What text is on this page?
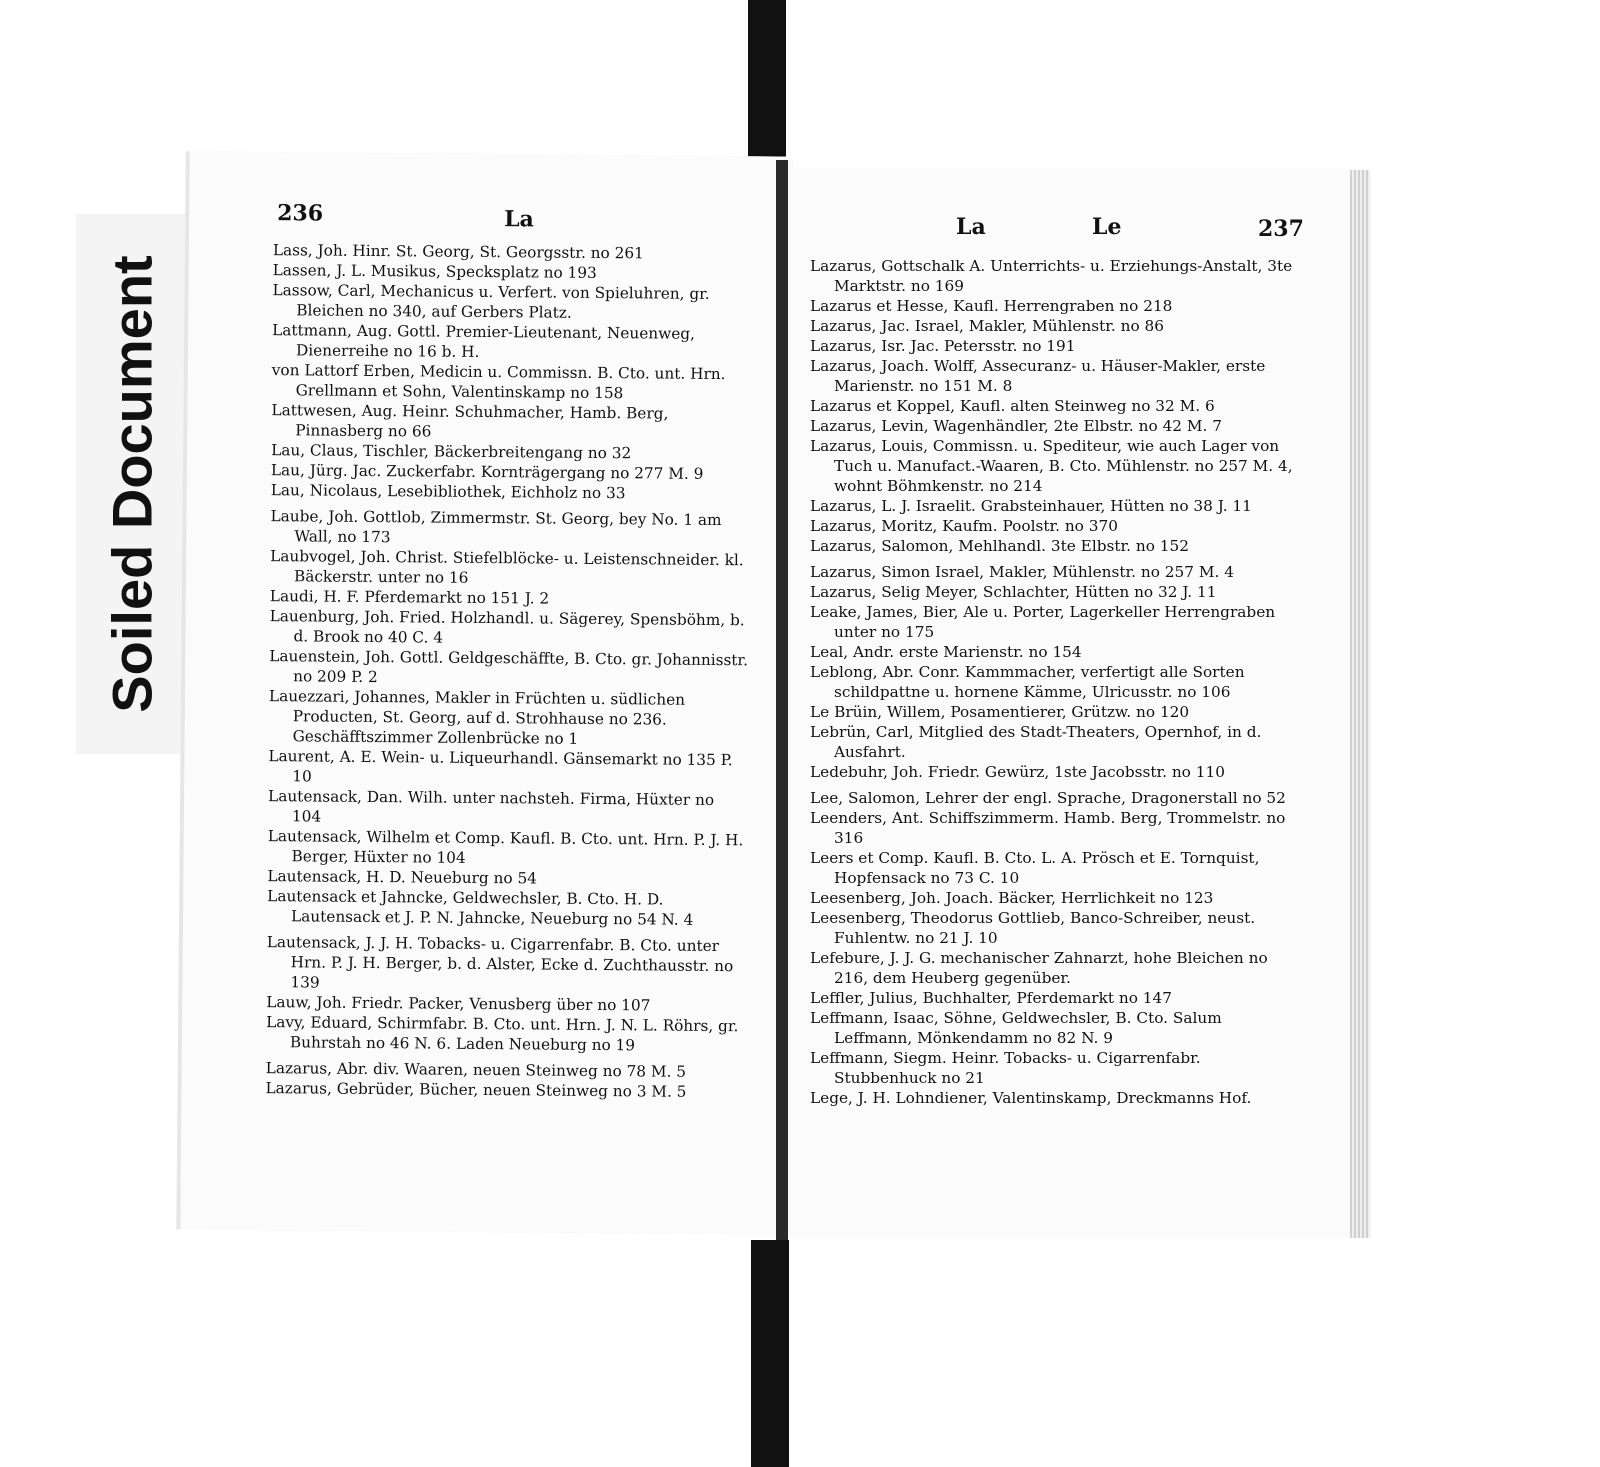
Soiled Document
236	La
Lass, Joh. Hinr. St. Georg, St. Georgsstr. no 261
Lassen, J. L. Musikus, Specksplatz no 193
Lassow, Carl, Mechanicus u. Verfert. von Spieluhren, gr. Bleichen no 340, auf Gerbers Platz.
Lattmann, Aug. Gottl. Premier-Lieutenant, Neuenweg, Dienerreihe no 16 b. H.
von Lattorf Erben, Medicin u. Commissn. B. Cto. unt. Hrn. Grellmann et Sohn, Valentinskamp no 158
Lattwesen, Aug. Heinr. Schuhmacher, Hamb. Berg, Pinnasberg no 66
Lau, Claus, Tischler, Bäckerbreitengang no 32
Lau, Jürg. Jac. Zuckerfabr. Kornträgergang no 277 M. 9
Lau, Nicolaus, Lesebibliothek, Eichholz no 33
Laube, Joh. Gottlob, Zimmermstr. St. Georg, bey No. 1 am Wall, no 173
Laubvogel, Joh. Christ. Stiefelblöcke- u. Leistenschneider. kl. Bäckerstr. unter no 16
Laudi, H. F. Pferdemarkt no 151 J. 2
Lauenburg, Joh. Fried. Holzhandl. u. Sägerey, Spensböhm, b. d. Brook no 40 C. 4
Lauenstein, Joh. Gottl. Geldgeschäffte, B. Cto. gr. Johannisstr. no 209 P. 2
Lauezzari, Johannes, Makler in Früchten u. südlichen Producten, St. Georg, auf d. Strohhause no 236. Geschäfftszimmer Zollenbrücke no 1
Laurent, A. E. Wein- u. Liqueurhandl. Gänsemarkt no 135 P. 10
Lautensack, Dan. Wilh. unter nachsteh. Firma, Hüxter no 104
Lautensack, Wilhelm et Comp. Kaufl. B. Cto. unt. Hrn. P. J. H. Berger, Hüxter no 104
Lautensack, H. D. Neueburg no 54
Lautensack et Jahncke, Geldwechsler, B. Cto. H. D. Lautensack et J. P. N. Jahncke, Neueburg no 54 N. 4
Lautensack, J. J. H. Tobacks- u. Cigarrenfabr. B. Cto. unter Hrn. P. J. H. Berger, b. d. Alster, Ecke d. Zuchthausstr. no 139
Lauw, Joh. Friedr. Packer, Venusberg über no 107
Lavy, Eduard, Schirmfabr. B. Cto. unt. Hrn. J. N. L. Röhrs, gr. Buhrstah no 46 N. 6. Laden Neueburg no 19
Lazarus, Abr. div. Waaren, neuen Steinweg no 78 M. 5
Lazarus, Gebrüder, Bücher, neuen Steinweg no 3 M. 5
La	Le	237
Lazarus, Gottschalk A. Unterrichts- u. Erziehungs-Anstalt, 3te Marktstr. no 169
Lazarus et Hesse, Kaufl. Herrengraben no 218
Lazarus, Jac. Israel, Makler, Mühlenstr. no 86
Lazarus, Isr. Jac. Petersstr. no 191
Lazarus, Joach. Wolff, Assecuranz- u. Häuser-Makler, erste Marienstr. no 151 M. 8
Lazarus et Koppel, Kaufl. alten Steinweg no 32 M. 6
Lazarus, Levin, Wagenhändler, 2te Elbstr. no 42 M. 7
Lazarus, Louis, Commissn. u. Spediteur, wie auch Lager von Tuch u. Manufact.-Waaren, B. Cto. Mühlenstr. no 257 M. 4, wohnt Böhmkenstr. no 214
Lazarus, L. J. Israelit. Grabsteinhauer, Hütten no 38 J. 11
Lazarus, Moritz, Kaufm. Poolstr. no 370
Lazarus, Salomon, Mehlhandl. 3te Elbstr. no 152
Lazarus, Simon Israel, Makler, Mühlenstr. no 257 M. 4
Lazarus, Selig Meyer, Schlachter, Hütten no 32 J. 11
Leake, James, Bier, Ale u. Porter, Lagerkeller Herrengraben unter no 175
Leal, Andr. erste Marienstr. no 154
Leblong, Abr. Conr. Kammmacher, verfertigt alle Sorten schildpattne u. hornene Kämme, Ulricusstr. no 106
Le Brüin, Willem, Posamentierer, Grützw. no 120
Lebrün, Carl, Mitglied des Stadt-Theaters, Opernhof, in d. Ausfahrt.
Ledebuhr, Joh. Friedr. Gewürz, 1ste Jacobsstr. no 110
Lee, Salomon, Lehrer der engl. Sprache, Dragonerstall no 52
Leenders, Ant. Schiffszimmerm. Hamb. Berg, Trommelstr. no 316
Leers et Comp. Kaufl. B. Cto. L. A. Prösch et E. Tornquist, Hopfensack no 73 C. 10
Leesenberg, Joh. Joach. Bäcker, Herrlichkeit no 123
Leesenberg, Theodorus Gottlieb, Banco-Schreiber, neust. Fuhlentw. no 21 J. 10
Lefebure, J. J. G. mechanischer Zahnarzt, hohe Bleichen no 216, dem Heuberg gegenüber.
Leffler, Julius, Buchhalter, Pferdemarkt no 147
Leffmann, Isaac, Söhne, Geldwechsler, B. Cto. Salum Leffmann, Mönkendamm no 82 N. 9
Leffmann, Siegm. Heinr. Tobacks- u. Cigarrenfabr. Stubbenhuck no 21
Lege, J. H. Lohndiener, Valentinskamp, Dreckmanns Hof.
